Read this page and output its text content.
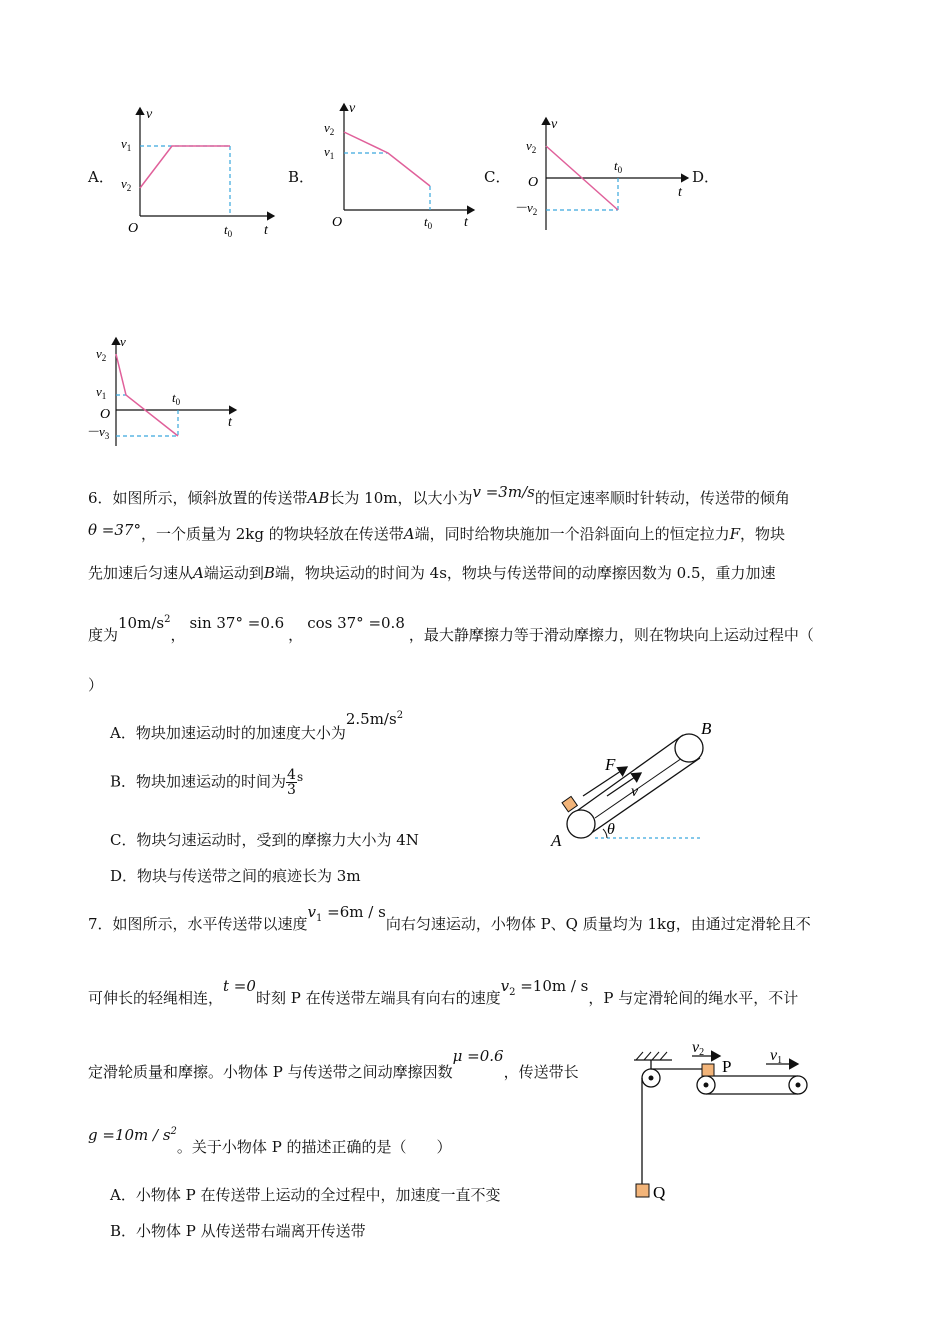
A．
v
t
O
$v_1$
$v_2$
$t_0$
B．
v
t
O
$v_2$
$v_1$
$t_0$
C．
v
t
O
$v_2$
$-v_2$
$t_0$	D．
v
t
O
$v_2$
$v_1$
$-v_3$
$t_0$
6．如图所示，倾斜放置的传送带AB长为 10m，以大小为v =3m/s的恒定速率顺时针转动，传送带的倾角
θ =37°，一个质量为 2kg 的物块轻放在传送带A端，同时给物块施加一个沿斜面向上的恒定拉力F，物块
先加速后匀速从A端运动到B端，物块运动的时间为 4s，物块与传送带间的动摩擦因数为 0.5，重力加速
度为$10m/s^2$，sin 37° =0.6，cos 37° =0.8，最大静摩擦力等于滑动摩擦力，则在物块向上运动过程中（
）
A．物块加速运动时的加速度大小为$2.5m/s^2$
B．物块加速运动的时间为 $\frac{4}{3} ^s$
C．物块匀速运动时，受到的摩擦力大小为 4N
D．物块与传送带之间的痕迹长为 3m
A
B
F
v
θ
7．如图所示，水平传送带以速度$v_1 =6m / s$向右匀速运动，小物体 P、Q 质量均为 1kg，由通过定滑轮且不
可伸长的轻绳相连，t =0时刻 P 在传送带左端具有向右的速度$v_2 =10m / s$，P 与定滑轮间的绳水平，不计
定滑轮质量和摩擦。小物体 P 与传送带之间动摩擦因数μ =0.6，传送带长
$g =10m / s^2$。关于小物体 P 的描述正确的是（　　）
A．小物体 P 在传送带上运动的全过程中，加速度一直不变
B．小物体 P 从传送带右端离开传送带
v2
P
v1
Q
